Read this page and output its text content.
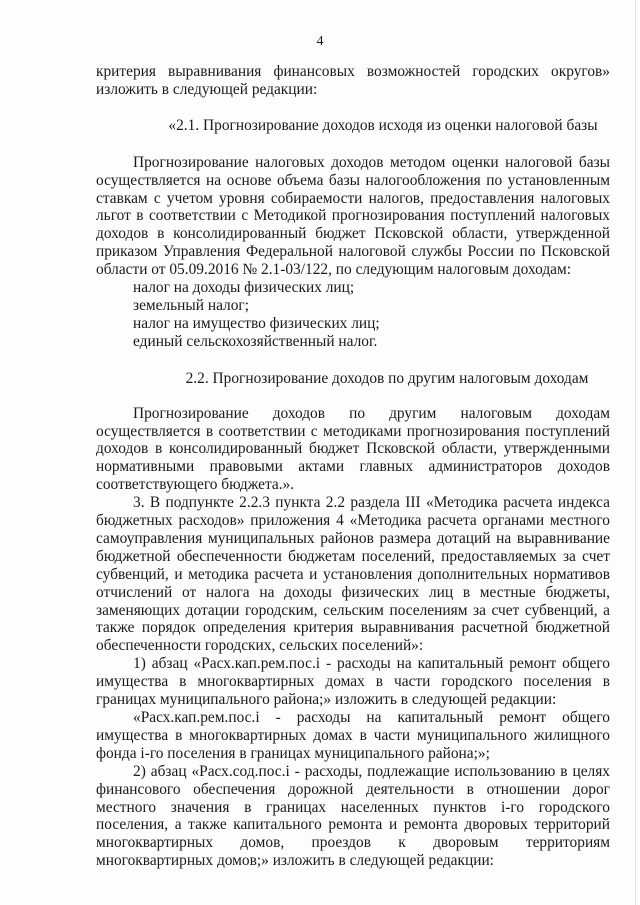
4

критерия выравнивания финансовых возможностей городских округов» изложить в следующей редакции:

«2.1. Прогнозирование доходов исходя из оценки налоговой базы

Прогнозирование налоговых доходов методом оценки налоговой базы осуществляется на основе объема базы налогообложения по установленным ставкам с учетом уровня собираемости налогов, предоставления налоговых льгот в соответствии с Методикой прогнозирования поступлений налоговых доходов в консолидированный бюджет Псковской области, утвержденной приказом Управления Федеральной налоговой службы России по Псковской области от 05.09.2016 № 2.1-03/122, по следующим налоговым доходам:

налог на доходы физических лиц;
земельный налог;
налог на имущество физических лиц;
единый сельскохозяйственный налог.

2.2. Прогнозирование доходов по другим налоговым доходам

Прогнозирование доходов по другим налоговым доходам осуществляется в соответствии с методиками прогнозирования поступлений доходов в консолидированный бюджет Псковской области, утвержденными нормативными правовыми актами главных администраторов доходов соответствующего бюджета.».

3. В подпункте 2.2.3 пункта 2.2 раздела III «Методика расчета индекса бюджетных расходов» приложения 4 «Методика расчета органами местного самоуправления муниципальных районов размера дотаций на выравнивание бюджетной обеспеченности бюджетам поселений, предоставляемых за счет субвенций, и методика расчета и установления дополнительных нормативов отчислений от налога на доходы физических лиц в местные бюджеты, заменяющих дотации городским, сельским поселениям за счет субвенций, а также порядок определения критерия выравнивания расчетной бюджетной обеспеченности городских, сельских поселений»:

1) абзац «Расх.кап.рем.пос.i - расходы на капитальный ремонт общего имущества в многоквартирных домах в части городского поселения в границах муниципального района;» изложить в следующей редакции:

«Расх.кап.рем.пос.i - расходы на капитальный ремонт общего имущества в многоквартирных домах в части муниципального жилищного фонда i-го поселения в границах муниципального района;»;

2) абзац «Расх.сод.пос.i - расходы, подлежащие использованию в целях финансового обеспечения дорожной деятельности в отношении дорог местного значения в границах населенных пунктов i-го городского поселения, а также капитального ремонта и ремонта дворовых территорий многоквартирных домов, проездов к дворовым территориям многоквартирных домов;» изложить в следующей редакции:
